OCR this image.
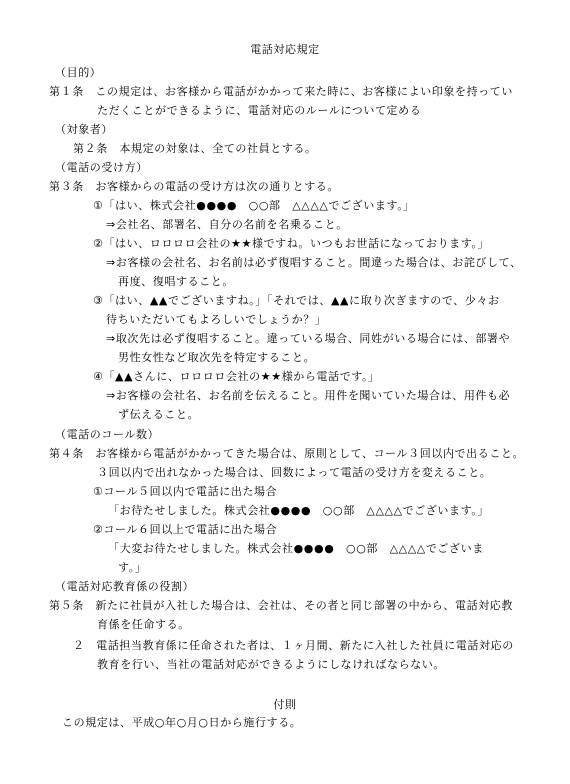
電話対応規定
（目的）
第１条　この規定は、お客様から電話がかかって来た時に、お客様によい印象を持ってい
ただくことができるように、電話対応のルールについて定める
（対象者）
第２条　本規定の対象は、全ての社員とする。
（電話の受け方）
第３条　お客様からの電話の受け方は次の通りとする。
①「はい、株式会社●●●●　○○部　△△△△でございます。」
⇒会社名、部署名、自分の名前を名乗ること。
②「はい、ロロロロ会社の★★様ですね。いつもお世話になっております。」
⇒お客様の会社名、お名前は必ず復唱すること。間違った場合は、お詫びして、
再度、復唱すること。
③「はい、▲▲でございますね。」「それでは、▲▲に取り次ぎますので、少々お
待ちいただいてもよろしいでしょうか？」
⇒取次先は必ず復唱すること。違っている場合、同姓がいる場合には、部署や
男性女性など取次先を特定すること。
④「▲▲さんに、ロロロロ会社の★★様から電話です。」
⇒お客様の会社名、お名前を伝えること。用件を聞いていた場合は、用件も必
ず伝えること。
（電話のコール数）
第４条　お客様から電話がかかってきた場合は、原則として、コール３回以内で出ること。
３回以内で出れなかった場合は、回数によって電話の受け方を変えること。
①コール５回以内で電話に出た場合
「お待たせしました。株式会社●●●●　○○部　△△△△でございます。」
②コール６回以上で電話に出た場合
「大変お待たせしました。株式会社●●●●　○○部　△△△△でございま
す。」
（電話対応教育係の役割）
第５条　新たに社員が入社した場合は、会社は、その者と同じ部署の中から、電話対応教
育係を任命する。
２　電話担当教育係に任命された者は、１ヶ月間、新たに入社した社員に電話対応の
教育を行い、当社の電話対応ができるようにしなければならない。
付則
この規定は、平成○年○月○日から施行する。
